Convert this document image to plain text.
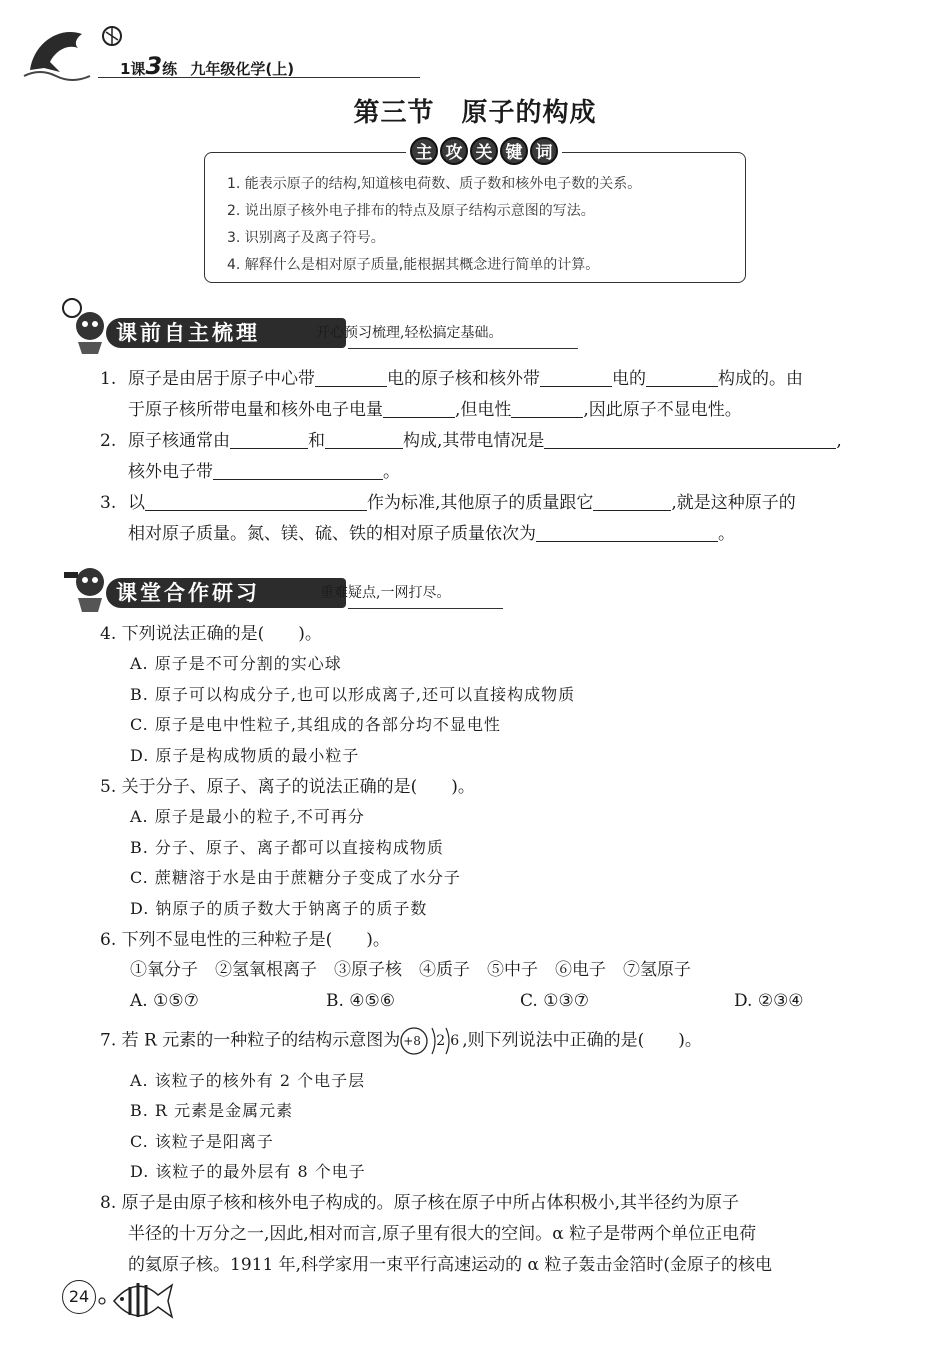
1课3练 九年级化学(上)
第三节　原子的构成
1. 能表示原子的结构,知道核电荷数、质子数和核外电子数的关系。
2. 说出原子核外电子排布的特点及原子结构示意图的写法。
3. 识别离子及离子符号。
4. 解释什么是相对原子质量,能根据其概念进行简单的计算。
主 攻 关 键 词
课前自主梳理	开心预习梳理,轻松搞定基础。
1. 原子是由居于原子中心带	电的原子核和核外带	电的	构成的。由
于原子核所带电量和核外电子电量	,但电性	,因此原子不显电性。
2. 原子核通常由	和	构成,其带电情况是	,
核外电子带	。
3. 以	作为标准,其他原子的质量跟它	,就是这种原子的
相对原子质量。氮、镁、硫、铁的相对原子质量依次为	。
课堂合作研习	重难疑点,一网打尽。
4. 下列说法正确的是(　　)。
A. 原子是不可分割的实心球
B. 原子可以构成分子,也可以形成离子,还可以直接构成物质
C. 原子是电中性粒子,其组成的各部分均不显电性
D. 原子是构成物质的最小粒子
5. 关于分子、原子、离子的说法正确的是(　　)。
A. 原子是最小的粒子,不可再分
B. 分子、原子、离子都可以直接构成物质
C. 蔗糖溶于水是由于蔗糖分子变成了水分子
D. 钠原子的质子数大于钠离子的质子数
6. 下列不显电性的三种粒子是(　　)。
①氧分子　②氢氧根离子　③原子核　④质子　⑤中子　⑥电子　⑦氢原子
A. ①⑤⑦	B. ④⑤⑥	C. ①③⑦	D. ②③④
7. 若 R 元素的一种粒子的结构示意图为 +8 2 6 ,则下列说法中正确的是(　　)。
A. 该粒子的核外有 2 个电子层
B. R 元素是金属元素
C. 该粒子是阳离子
D. 该粒子的最外层有 8 个电子
8. 原子是由原子核和核外电子构成的。原子核在原子中所占体积极小,其半径约为原子
半径的十万分之一,因此,相对而言,原子里有很大的空间。α 粒子是带两个单位正电荷
的氦原子核。1911 年,科学家用一束平行高速运动的 α 粒子轰击金箔时(金原子的核电
24
